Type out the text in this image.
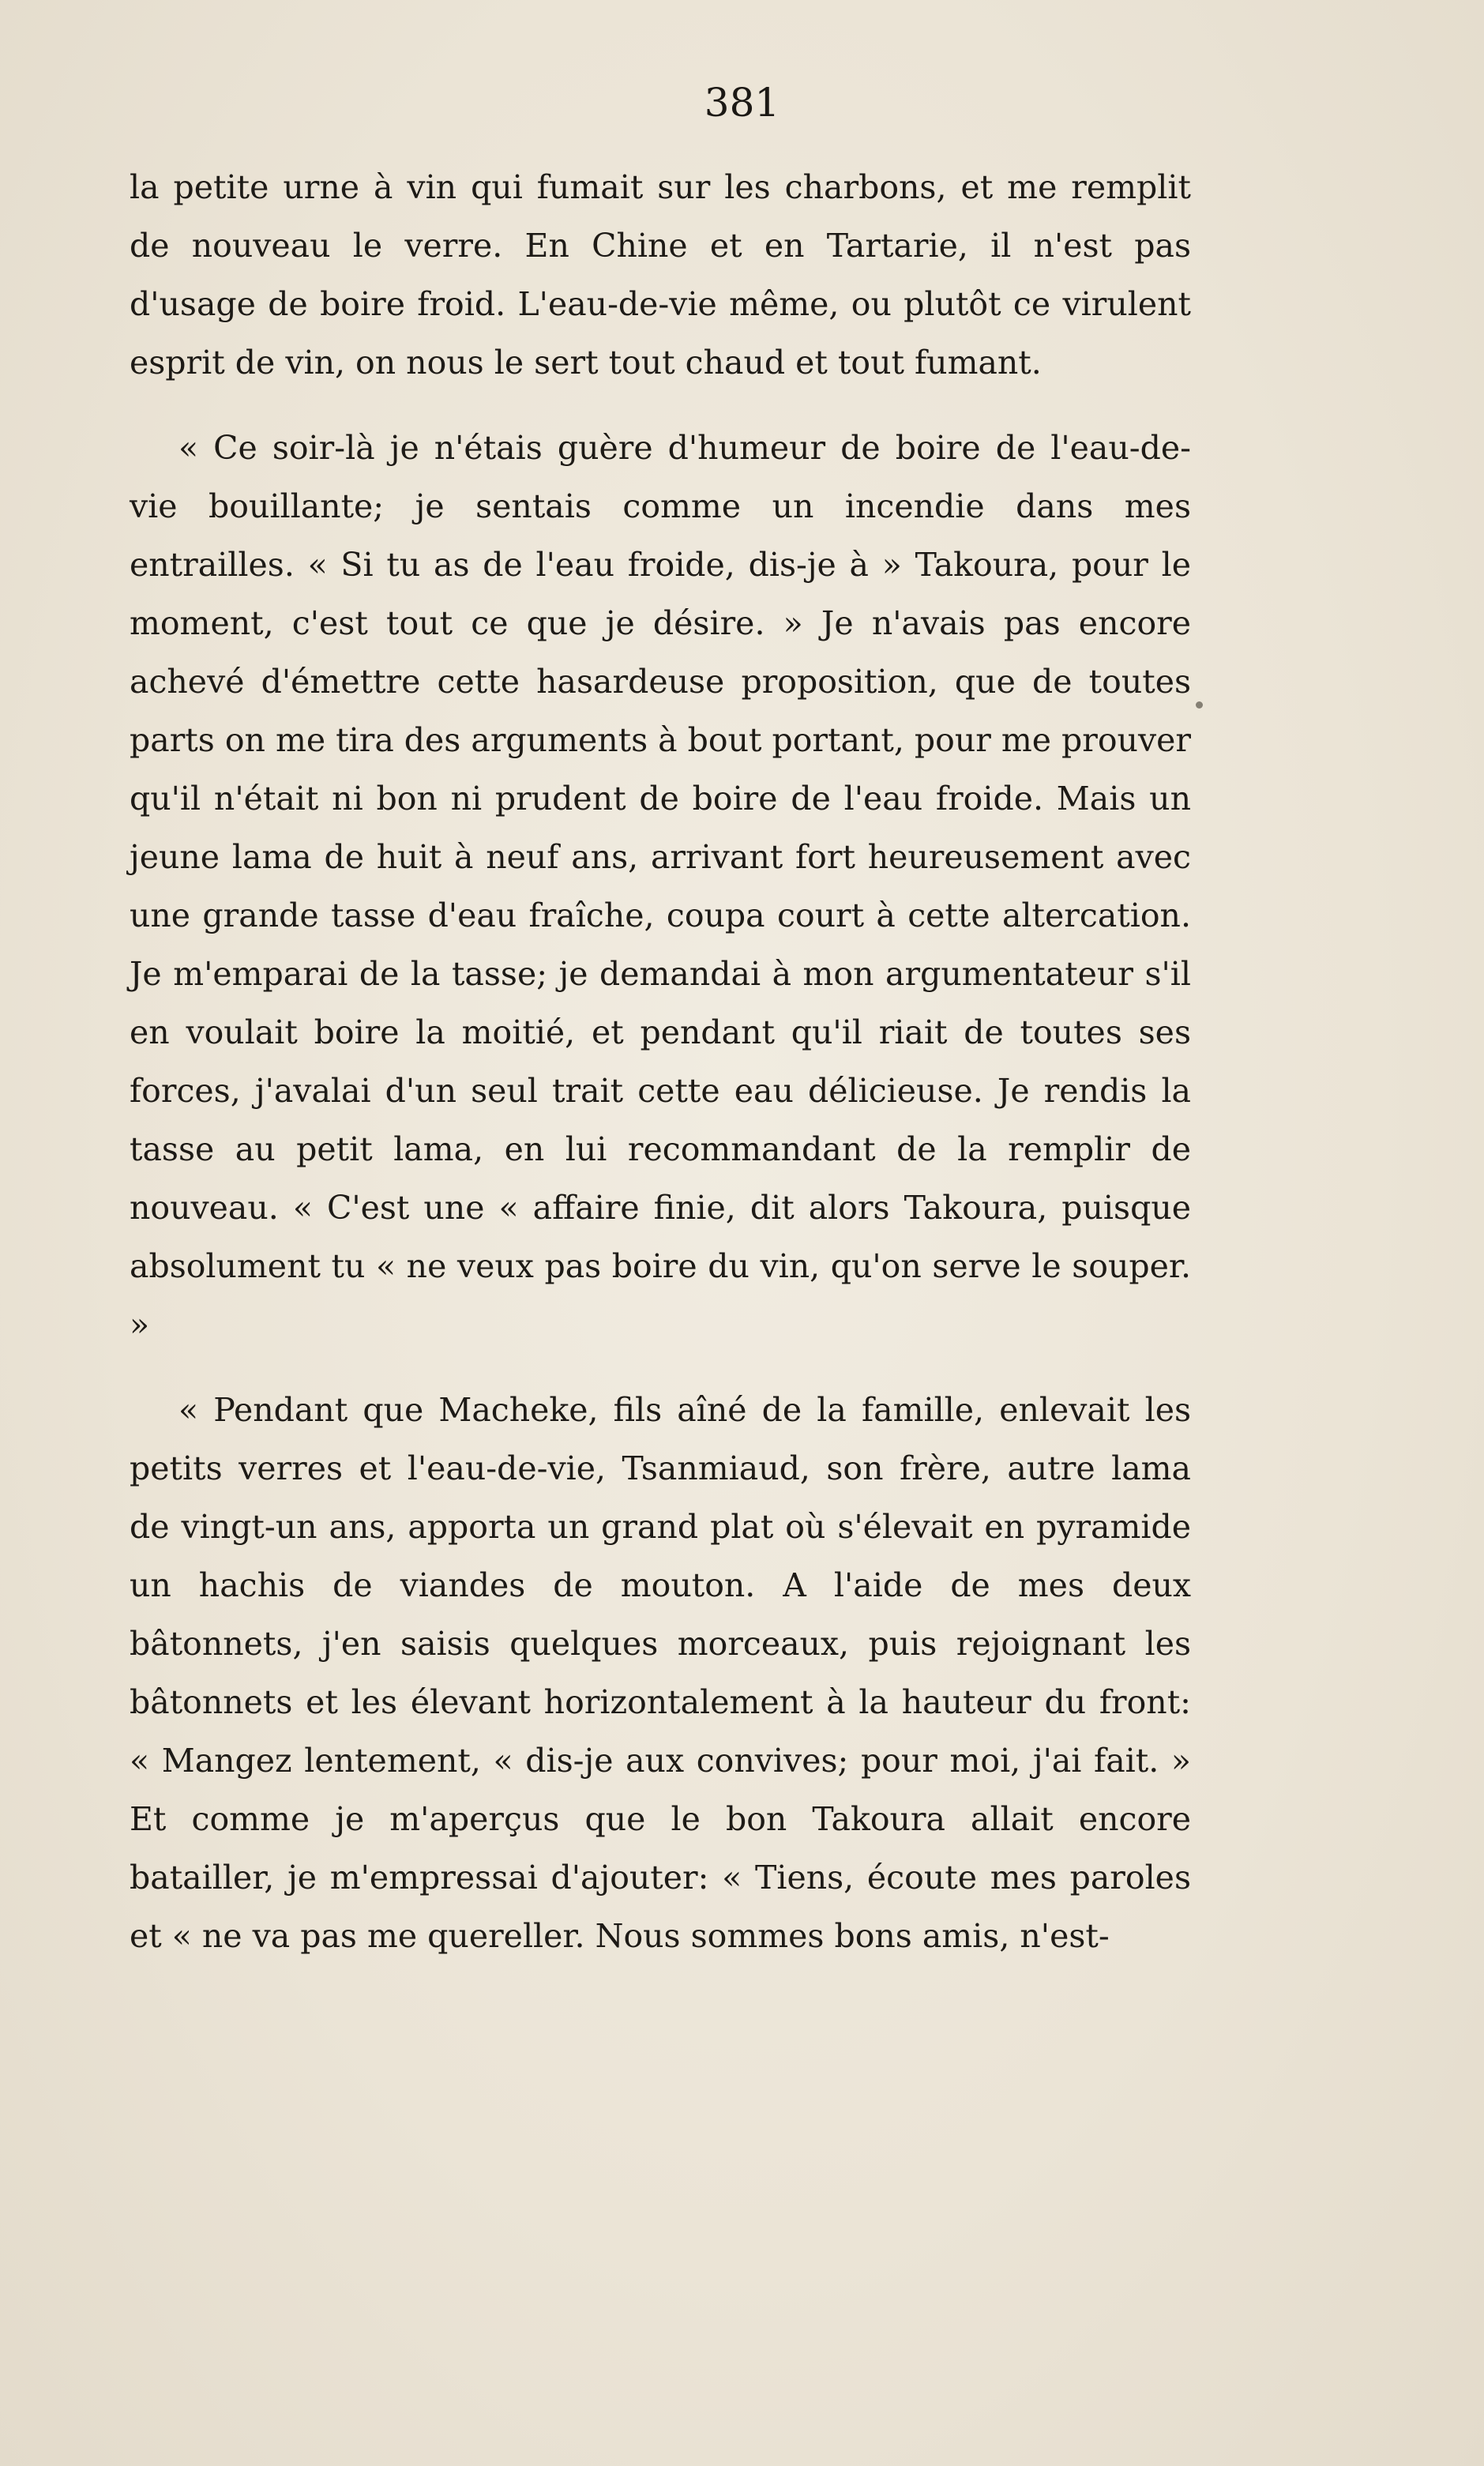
381

la petite urne à vin qui fumait sur les charbons, et me remplit de nouveau le verre. En Chine et en Tartarie, il n'est pas d'usage de boire froid. L'eau-de-vie même, ou plutôt ce virulent esprit de vin, on nous le sert tout chaud et tout fumant.

« Ce soir-là je n'étais guère d'humeur de boire de l'eau-de-vie bouillante; je sentais comme un incendie dans mes entrailles. « Si tu as de l'eau froide, dis-je à » Takoura, pour le moment, c'est tout ce que je désire. » Je n'avais pas encore achevé d'émettre cette hasardeuse proposition, que de toutes parts on me tira des arguments à bout portant, pour me prouver qu'il n'était ni bon ni prudent de boire de l'eau froide. Mais un jeune lama de huit à neuf ans, arrivant fort heureusement avec une grande tasse d'eau fraîche, coupa court à cette altercation. Je m'emparai de la tasse; je demandai à mon argumentateur s'il en voulait boire la moitié, et pendant qu'il riait de toutes ses forces, j'avalai d'un seul trait cette eau délicieuse. Je rendis la tasse au petit lama, en lui recommandant de la remplir de nouveau. « C'est une « affaire finie, dit alors Takoura, puisque absolument tu « ne veux pas boire du vin, qu'on serve le souper. »

« Pendant que Macheke, fils aîné de la famille, enlevait les petits verres et l'eau-de-vie, Tsanmiaud, son frère, autre lama de vingt-un ans, apporta un grand plat où s'élevait en pyramide un hachis de viandes de mouton. A l'aide de mes deux bâtonnets, j'en saisis quelques morceaux, puis rejoignant les bâtonnets et les élevant horizontalement à la hauteur du front: « Mangez lentement, « dis-je aux convives; pour moi, j'ai fait. » Et comme je m'aperçus que le bon Takoura allait encore batailler, je m'empressai d'ajouter: « Tiens, écoute mes paroles et « ne va pas me quereller. Nous sommes bons amis, n'est-
